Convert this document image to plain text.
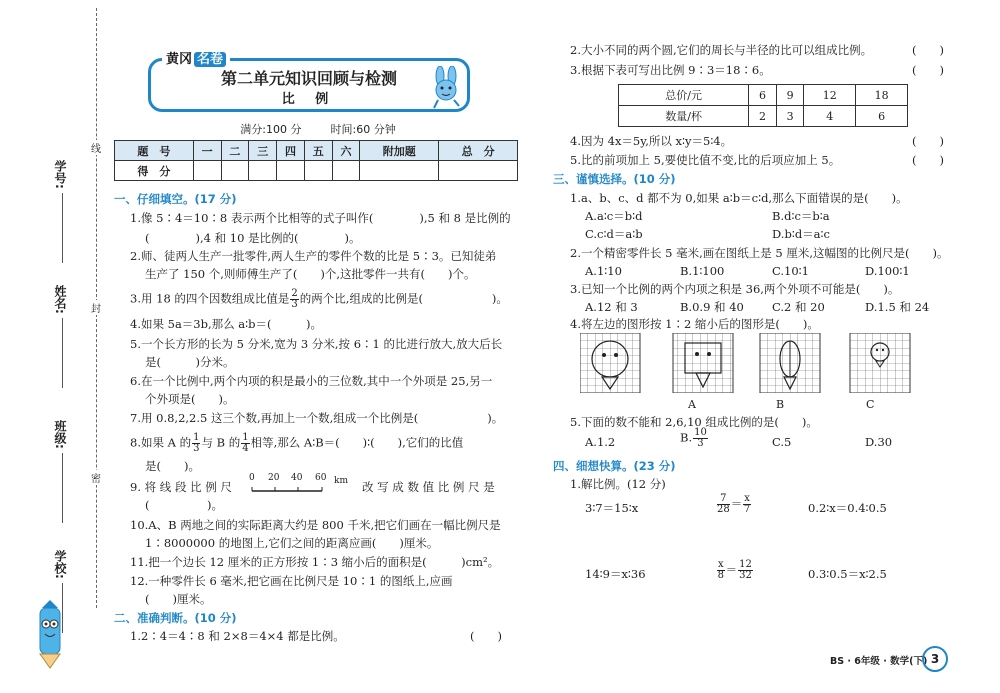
线
封
密
学号:
姓名:
班级:
学校:
黄冈 名卷
第二单元知识回顾与检测
比 例
满分:100 分 　　	时间:60 分钟
题　号	一	二	三	四	五	六	附加题	总　分
得　分								
一、仔细填空。(17 分)
1.像 5∶4＝10∶8 表示两个比相等的式子叫作(　　　　),5 和 8 是比例的
(　　　　),4 和 10 是比例的(　　　　)。
2.师、徒两人生产一批零件,两人生产的零件个数的比是 5∶3。已知徒弟
生产了 150 个,则师傅生产了(　　)个,这批零件一共有(　　)个。
3.用 18 的四个因数组成比值是 $\frac{2}{3}$ 的两个比,组成的比例是(　　　　　　)。
4.如果 5a＝3b,那么 a∶b＝(　　　)。
5.一个长方形的长为 5 分米,宽为 3 分米,按 6∶1 的比进行放大,放大后长
是(　　　)分米。
6.在一个比例中,两个内项的积是最小的三位数,其中一个外项是 25,另一
个外项是(　　)。
7.用 0.8,2,2.5 这三个数,再加上一个数,组成一个比例是(　　　　　　)。
8.如果 A 的 $\frac{1}{3}$ 与 B 的 $\frac{1}{4}$ 相等,那么 A∶B＝(　　)∶(　　),它们的比值
是(　　)。
9. 将 线 段 比 例 尺
0 20 40 60 km 改 写 成 数 值 比 例 尺 是
(　　　　　)。
10.A、B 两地之间的实际距离大约是 800 千米,把它们画在一幅比例尺是
1∶8000000 的地图上,它们之间的距离应画(　　)厘米。
11.把一个边长 12 厘米的正方形按 1∶3 缩小后的面积是(　　　)cm²。
12.一种零件长 6 毫米,把它画在比例尺是 10∶1 的图纸上,应画
(　　)厘米。
二、准确判断。(10 分)
1.2∶4＝4∶8 和 2×8＝4×4 都是比例。	(　　)
2.大小不同的两个圆,它们的周长与半径的比可以组成比例。	(　　)
3.根据下表可写出比例 9∶3＝18∶6。	(　　)
总价/元	6	9	12	18
数量/杯	2	3	4	6
4.因为 4x＝5y,所以 x∶y＝5∶4。	(　　)
5.比的前项加上 5,要使比值不变,比的后项应加上 5。	(　　)
三、谨慎选择。(10 分)
1.a、b、c、d 都不为 0,如果 a∶b＝c∶d,那么下面错误的是(　　)。
A.a∶c＝b∶d	B.d∶c＝b∶a
C.c∶d＝a∶b	D.b∶d＝a∶c
2.一个精密零件长 5 毫米,画在图纸上是 5 厘米,这幅图的比例尺是(　　)。
A.1∶10	B.1∶100	C.10∶1	D.100∶1
3.已知一个比例的两个内项之积是 36,两个外项不可能是(　　)。
A.12 和 3	B.0.9 和 40 C.2 和 20	D.1.5 和 24
4.将左边的图形按 1∶2 缩小后的图形是(　　)。
A	B	C
5.下面的数不能和 2,6,10 组成比例的是(　　)。
A.1.2	B. $\frac{10}{3}$	C.5	D.30
四、细想快算。(23 分)
1.解比例。(12 分)
3∶7＝15∶x	$\frac{7}{28} = \frac{x}{7}$	0.2∶x＝0.4∶0.5
14∶9＝x∶36	$\frac{x}{8} = \frac{12}{32}$	0.3∶0.5＝x∶2.5
BS · 6年级 · 数学(下) 3
